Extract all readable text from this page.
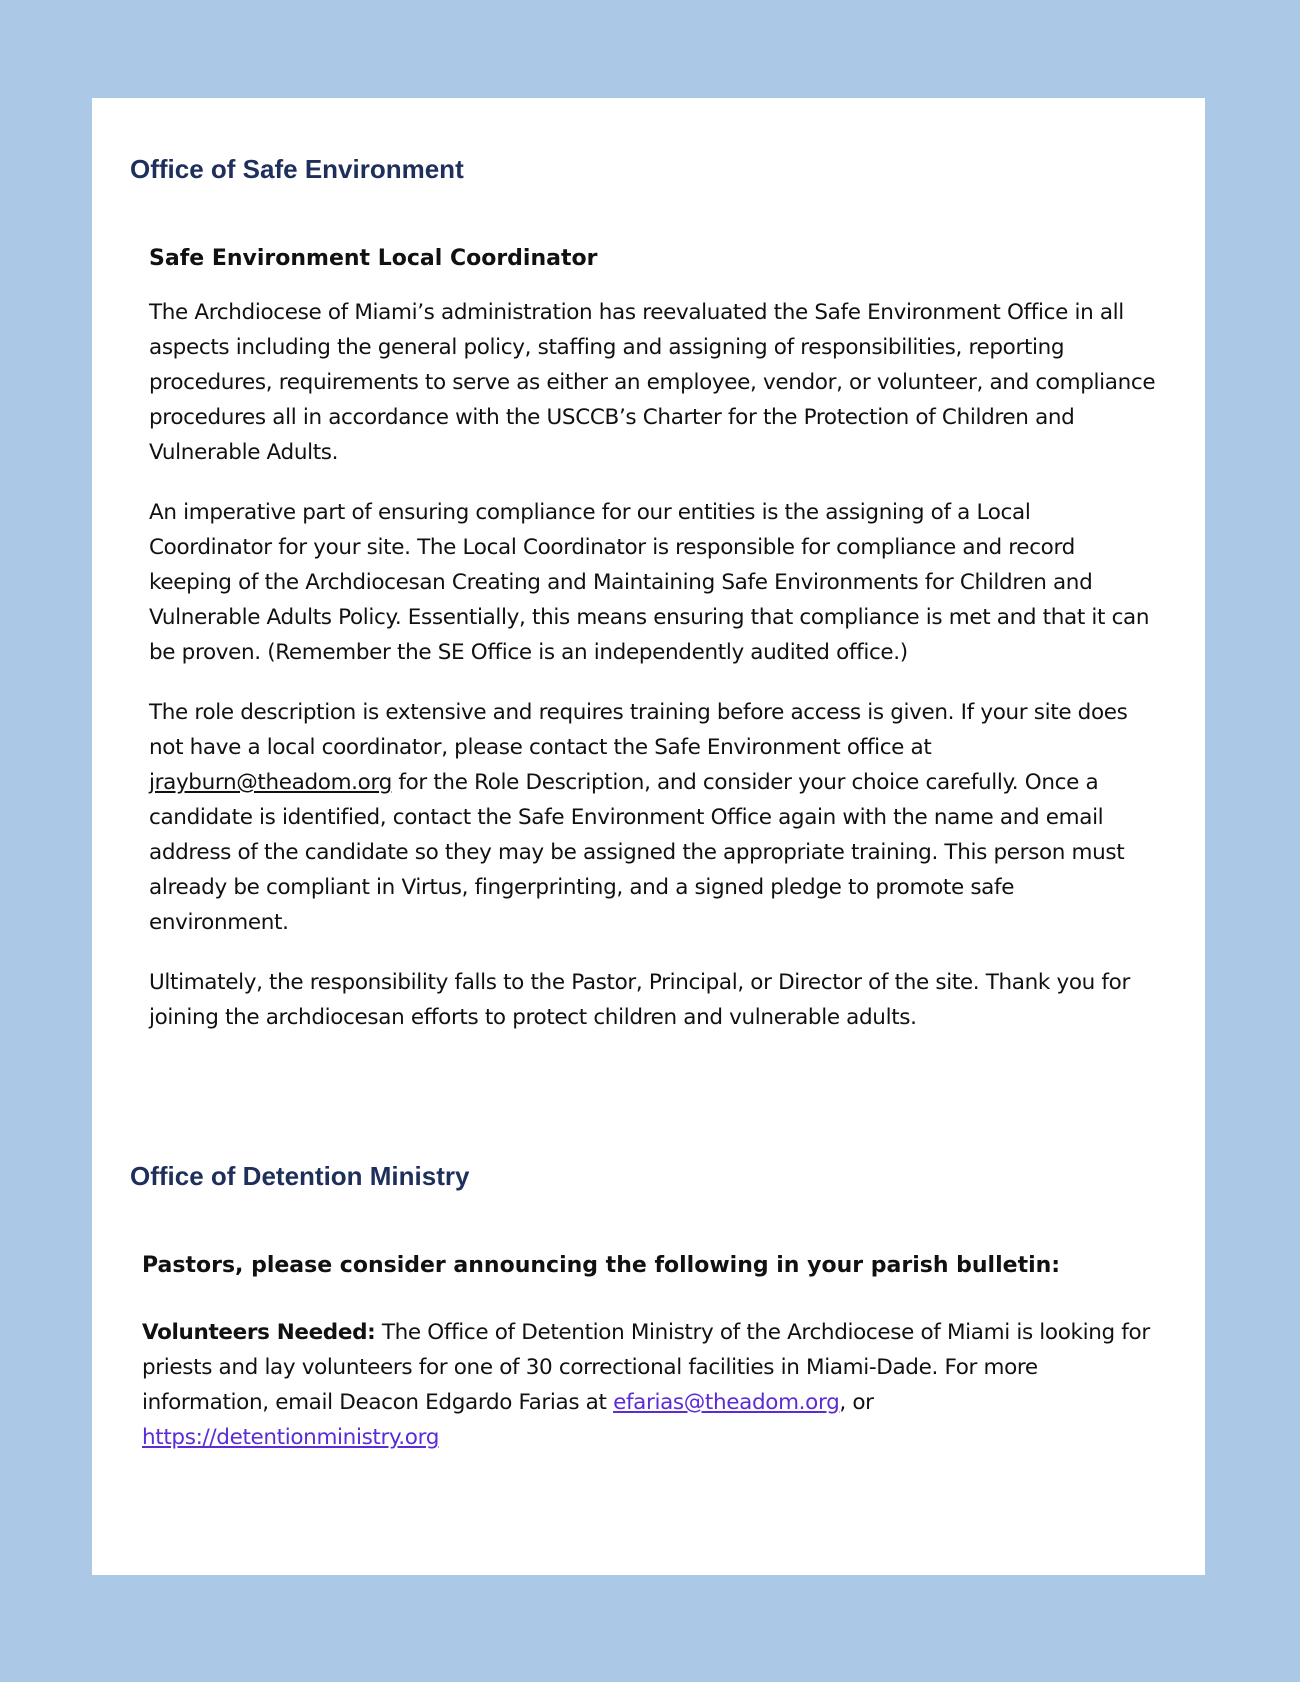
Office of Safe Environment
Safe Environment Local Coordinator

The Archdiocese of Miami’s administration has reevaluated the Safe Environment Office in all aspects including the general policy, staffing and assigning of responsibilities, reporting procedures, requirements to serve as either an employee, vendor, or volunteer, and compliance procedures all in accordance with the USCCB’s Charter for the Protection of Children and Vulnerable Adults.

An imperative part of ensuring compliance for our entities is the assigning of a Local Coordinator for your site. The Local Coordinator is responsible for compliance and record keeping of the Archdiocesan Creating and Maintaining Safe Environments for Children and Vulnerable Adults Policy. Essentially, this means ensuring that compliance is met and that it can be proven. (Remember the SE Office is an independently audited office.)

The role description is extensive and requires training before access is given. If your site does not have a local coordinator, please contact the Safe Environment office at jrayburn@theadom.org for the Role Description, and consider your choice carefully. Once a candidate is identified, contact the Safe Environment Office again with the name and email address of the candidate so they may be assigned the appropriate training. This person must already be compliant in Virtus, fingerprinting, and a signed pledge to promote safe environment.

Ultimately, the responsibility falls to the Pastor, Principal, or Director of the site. Thank you for joining the archdiocesan efforts to protect children and vulnerable adults.

Office of Detention Ministry
Pastors, please consider announcing the following in your parish bulletin:

Volunteers Needed: The Office of Detention Ministry of the Archdiocese of Miami is looking for priests and lay volunteers for one of 30 correctional facilities in Miami-Dade. For more information, email Deacon Edgardo Farias at efarias@theadom.org, or https://detentionministry.org
